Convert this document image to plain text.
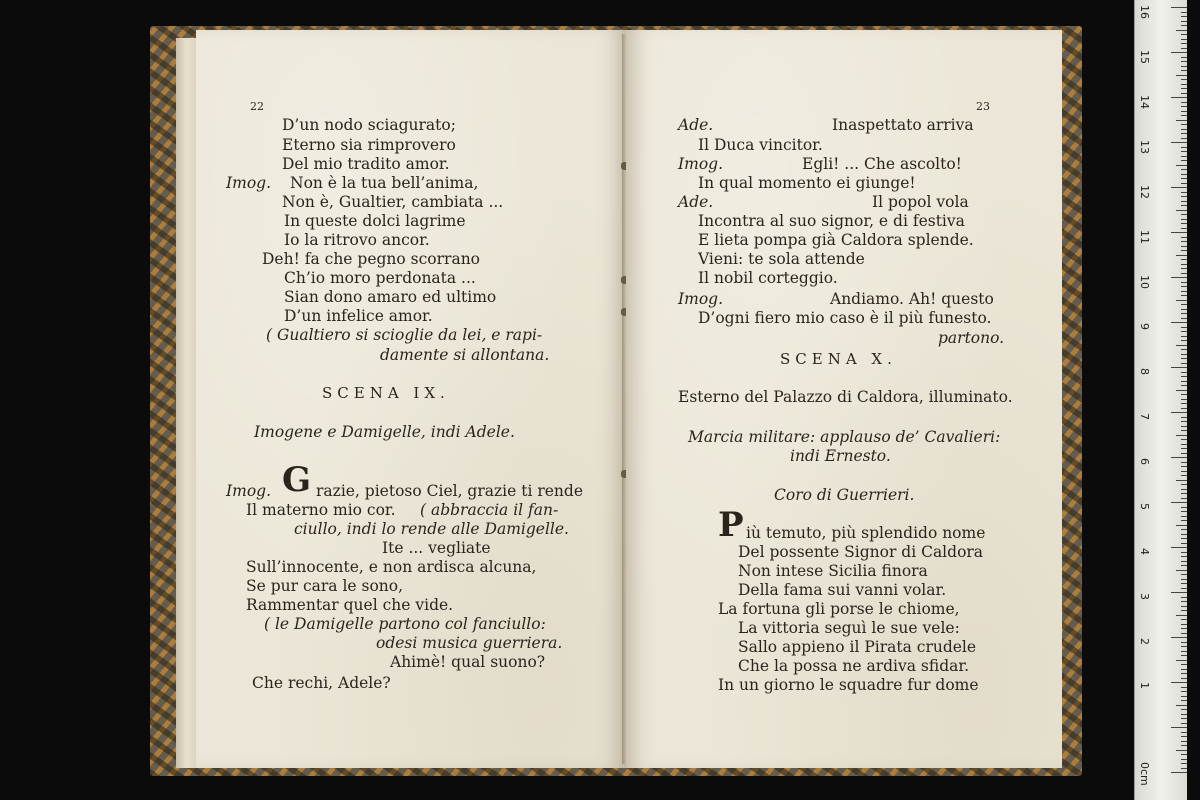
22
D’un nodo sciagurato;
Eterno sia rimprovero
Del mio tradito amor.
Imog. Non è la tua bell’anima,
Non è, Gualtier, cambiata ...
In queste dolci lagrime
Io la ritrovo ancor.
Deh! fa che pegno scorrano
Ch’io moro perdonata ...
Sian dono amaro ed ultimo
D’un infelice amor.
( Gualtiero si scioglie da lei, e rapi-
damente si allontana.
SCENA IX.
Imogene e Damigelle, indi Adele.
Imog. G razie, pietoso Ciel, grazie ti rende
Il materno mio cor. ( abbraccia il fan-
ciullo, indi lo rende alle Damigelle.
Ite ... vegliate
Sull’innocente, e non ardisca alcuna,
Se pur cara le sono,
Rammentar quel che vide.
( le Damigelle partono col fanciullo:
odesi musica guerriera.
Ahimè! qual suono?
Che rechi, Adele?
23
Ade.	Inaspettato arriva
Il Duca vincitor.
Imog.	Egli! ... Che ascolto!
In qual momento ei giunge!
Ade.	Il popol vola
Incontra al suo signor, e di festiva
E lieta pompa già Caldora splende.
Vieni: te sola attende
Il nobil corteggio.
Imog.	Andiamo. Ah! questo
D’ogni fiero mio caso è il più funesto.
partono.
SCENA X.
Esterno del Palazzo di Caldora, illuminato.
Marcia militare: applauso de’ Cavalieri:
indi Ernesto.
Coro di Guerrieri.
P iù temuto, più splendido nome
Del possente Signor di Caldora
Non intese Sicilia finora
Della fama sui vanni volar.
La fortuna gli porse le chiome,
La vittoria seguì le sue vele:
Sallo appieno il Pirata crudele
Che la possa ne ardiva sfidar.
In un giorno le squadre fur dome
0cm
1
2
3
4
5
6
7
8
9
10
11
12
13
14
15
16
